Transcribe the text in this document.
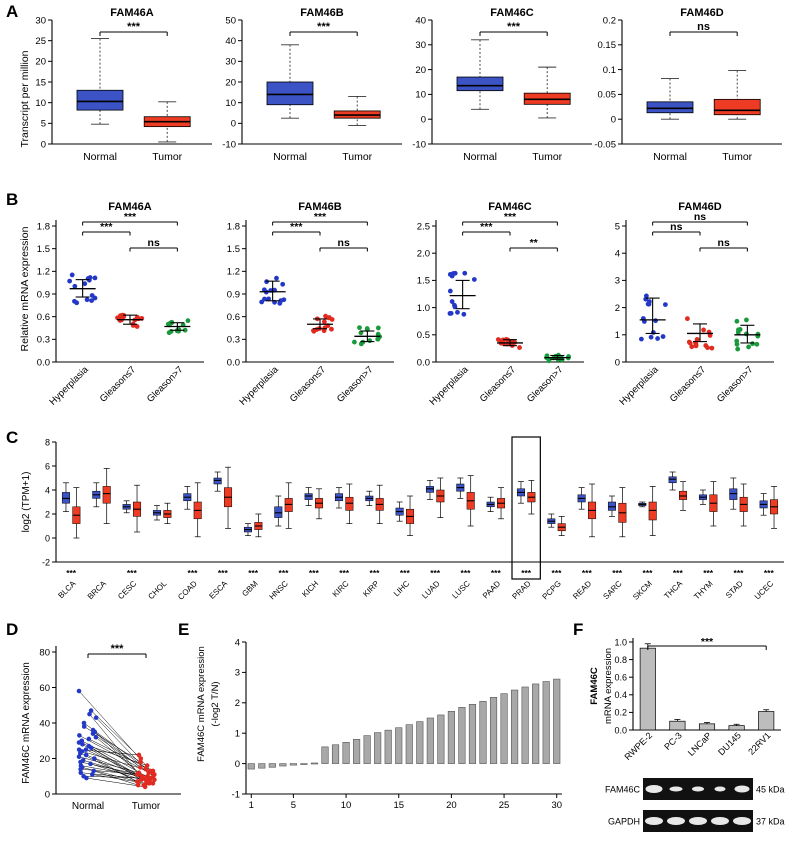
A
Transcript per million
FAM46A
0
5
10
15
20
25
30
Normal	Tumor
***
FAM46B
-10
0
10
20
30
40
50
Normal	Tumor
***
FAM46C
-10
0
10
20
30
40
Normal	Tumor
***
FAM46D
-0.05
0
0.05
0.1
0.15
0.2
Normal	Tumor
ns
B
Relative mRNA expression
FAM46A
0.0
0.3
0.6
0.9
1.2
1.5
1.8
Hyperplasia Gleason≤7 Gleason>7
***
***
ns
FAM46B
0.0
0.3
0.6
0.9
1.2
1.5
1.8
Hyperplasia Gleason≤7 Gleason>7
***
***
ns
FAM46C
0.0
0.5
1.0
1.5
2.0
2.5
Hyperplasia Gleason≤7 Gleason>7
***
***
**
FAM46D
0
1
2
3
4
5
Hyperplasia Gleason≤7 Gleason>7
ns
ns
ns
C
log2 (TPM+1)
-2
0
2
4
6
8
***
BLCA BRCA
***
CESC CHOL
***
COAD
***
ESCA
***
GBM
***
HNSC
***
KICH
***
KIRC
***
KIRP
***
LIHC
***
LUAD
***
LUSC
***
PAAD
***
PRAD
***
PCPG
***
READ
***
SARC
***
SKCM
***
THCA
***
THYM
***
STAD
***
UCEC
D
FAM46C mRNA expression
0
20
40
60
80
Normal	Tumor
***
E
FAM46C mRNA expression (-log2 T/N)
-1
0
1
2
3
4
1	5	10	15	20	25	30
F
FAM46C mRNA expression
0.0
0.2
0.4
0.6
0.8
1.0
RWPE-2 PC-3 LNCaP DU145 22RV1
***
FAM46C	45 kDa
GAPDH	37 kDa
